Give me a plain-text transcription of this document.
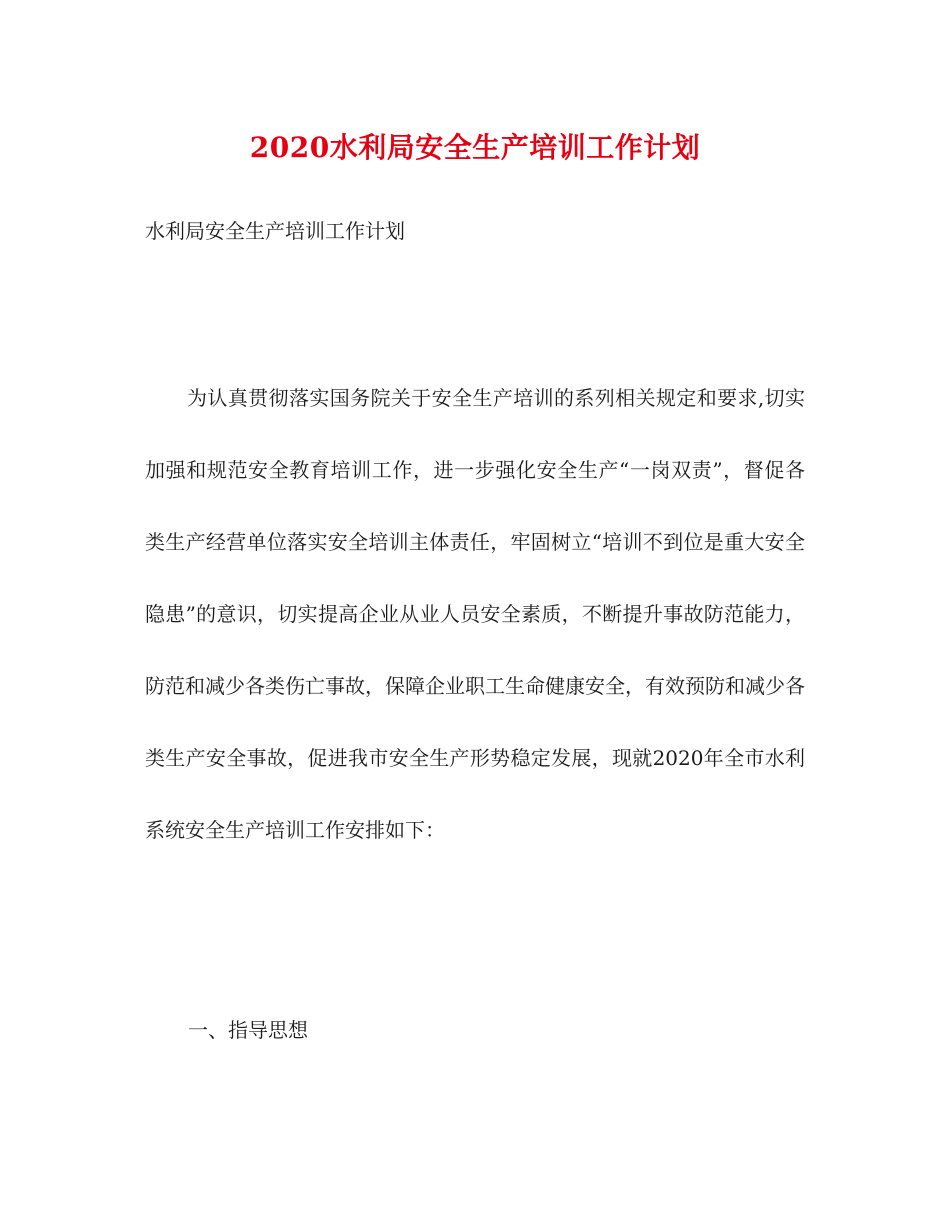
2020水利局安全生产培训工作计划
水利局安全生产培训工作计划

为认真贯彻落实国务院关于安全生产培训的系列相关规定和要求,切实加强和规范安全教育培训工作，进一步强化安全生产“一岗双责”，督促各类生产经营单位落实安全培训主体责任，牢固树立“培训不到位是重大安全隐患”的意识，切实提高企业从业人员安全素质，不断提升事故防范能力，防范和减少各类伤亡事故，保障企业职工生命健康安全，有效预防和减少各类生产安全事故，促进我市安全生产形势稳定发展，现就2020年全市水利系统安全生产培训工作安排如下：

一、指导思想
